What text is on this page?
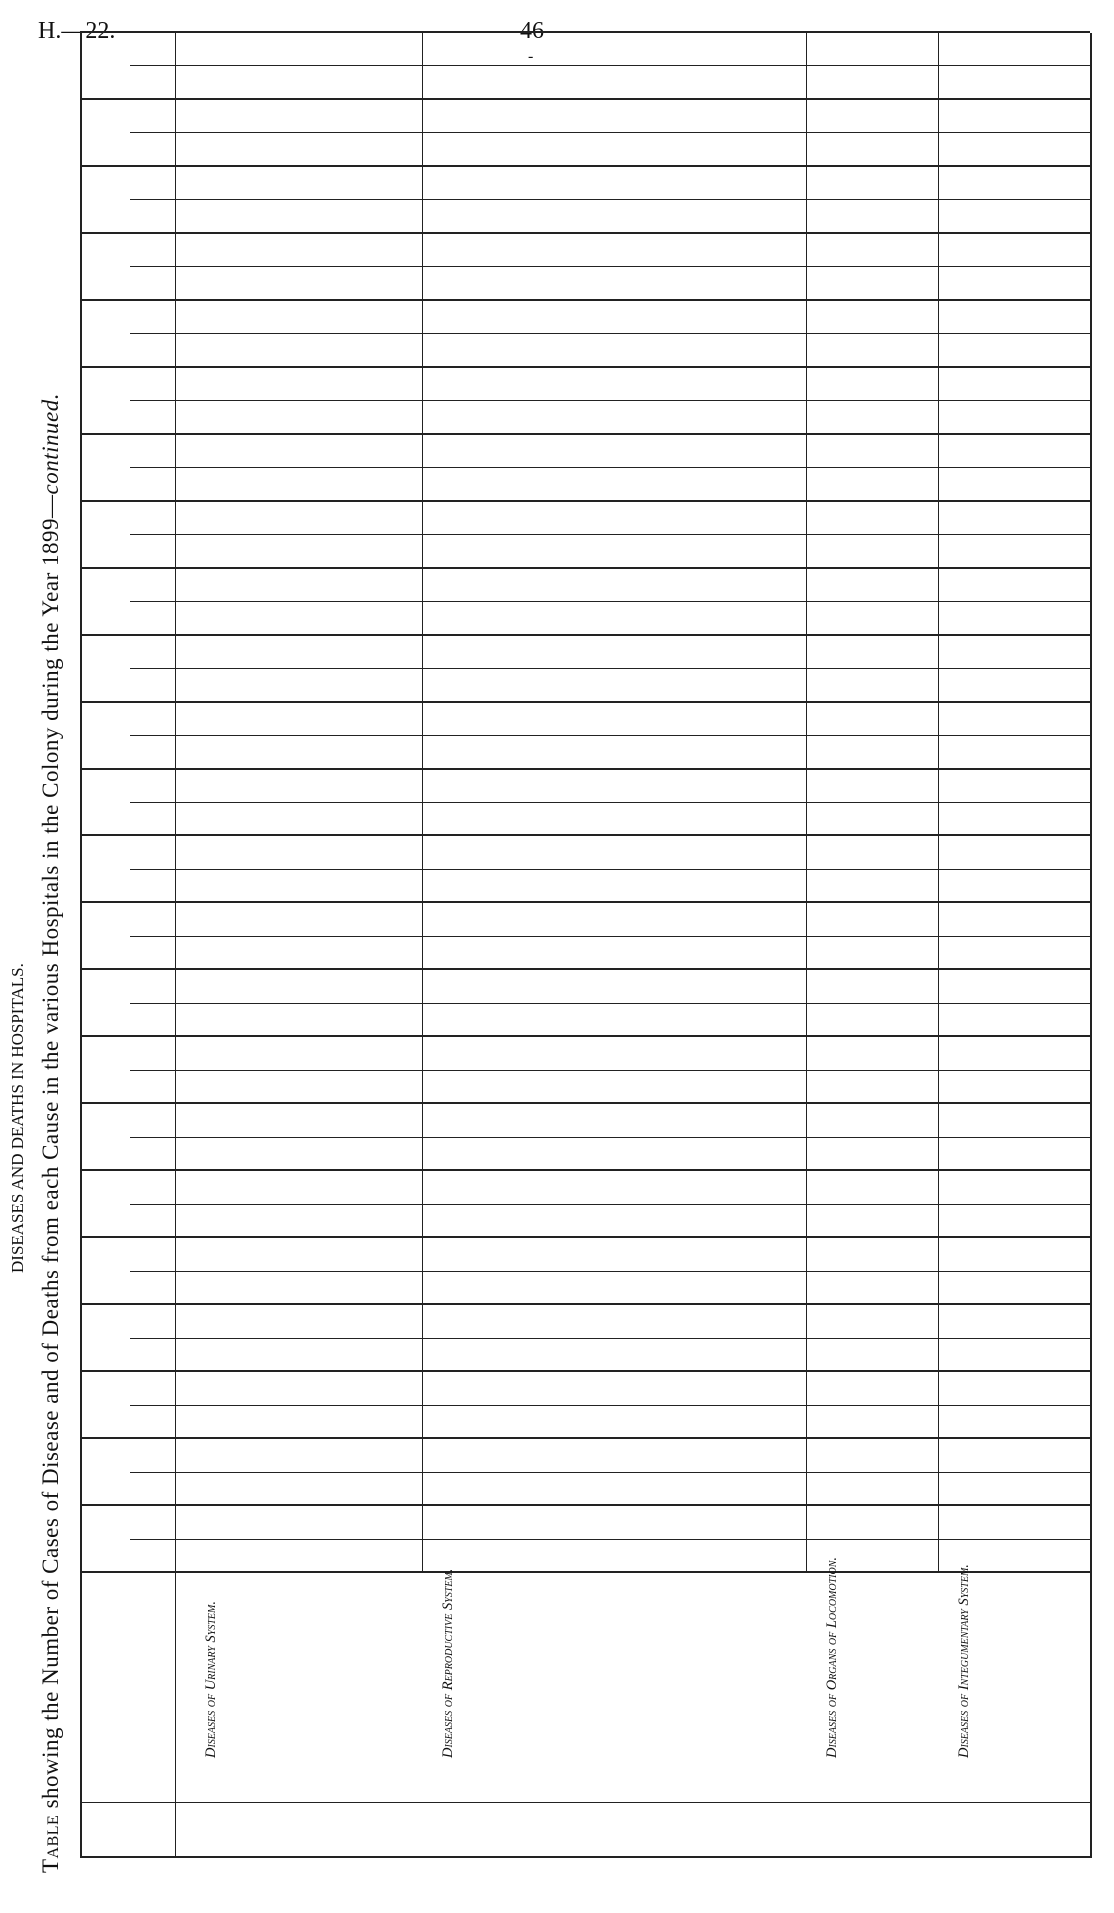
H.—22.	46
-
Table showing the Number of Cases of Disease and of Deaths from each Cause in the various Hospitals in the Colony during the Year 1899—continued.
DISEASES AND DEATHS IN HOSPITALS.
Diseases of Urinary System.	Diseases of Reproductive System.	Diseases of Organs of Locomotion.	Diseases of Integumentary System.
